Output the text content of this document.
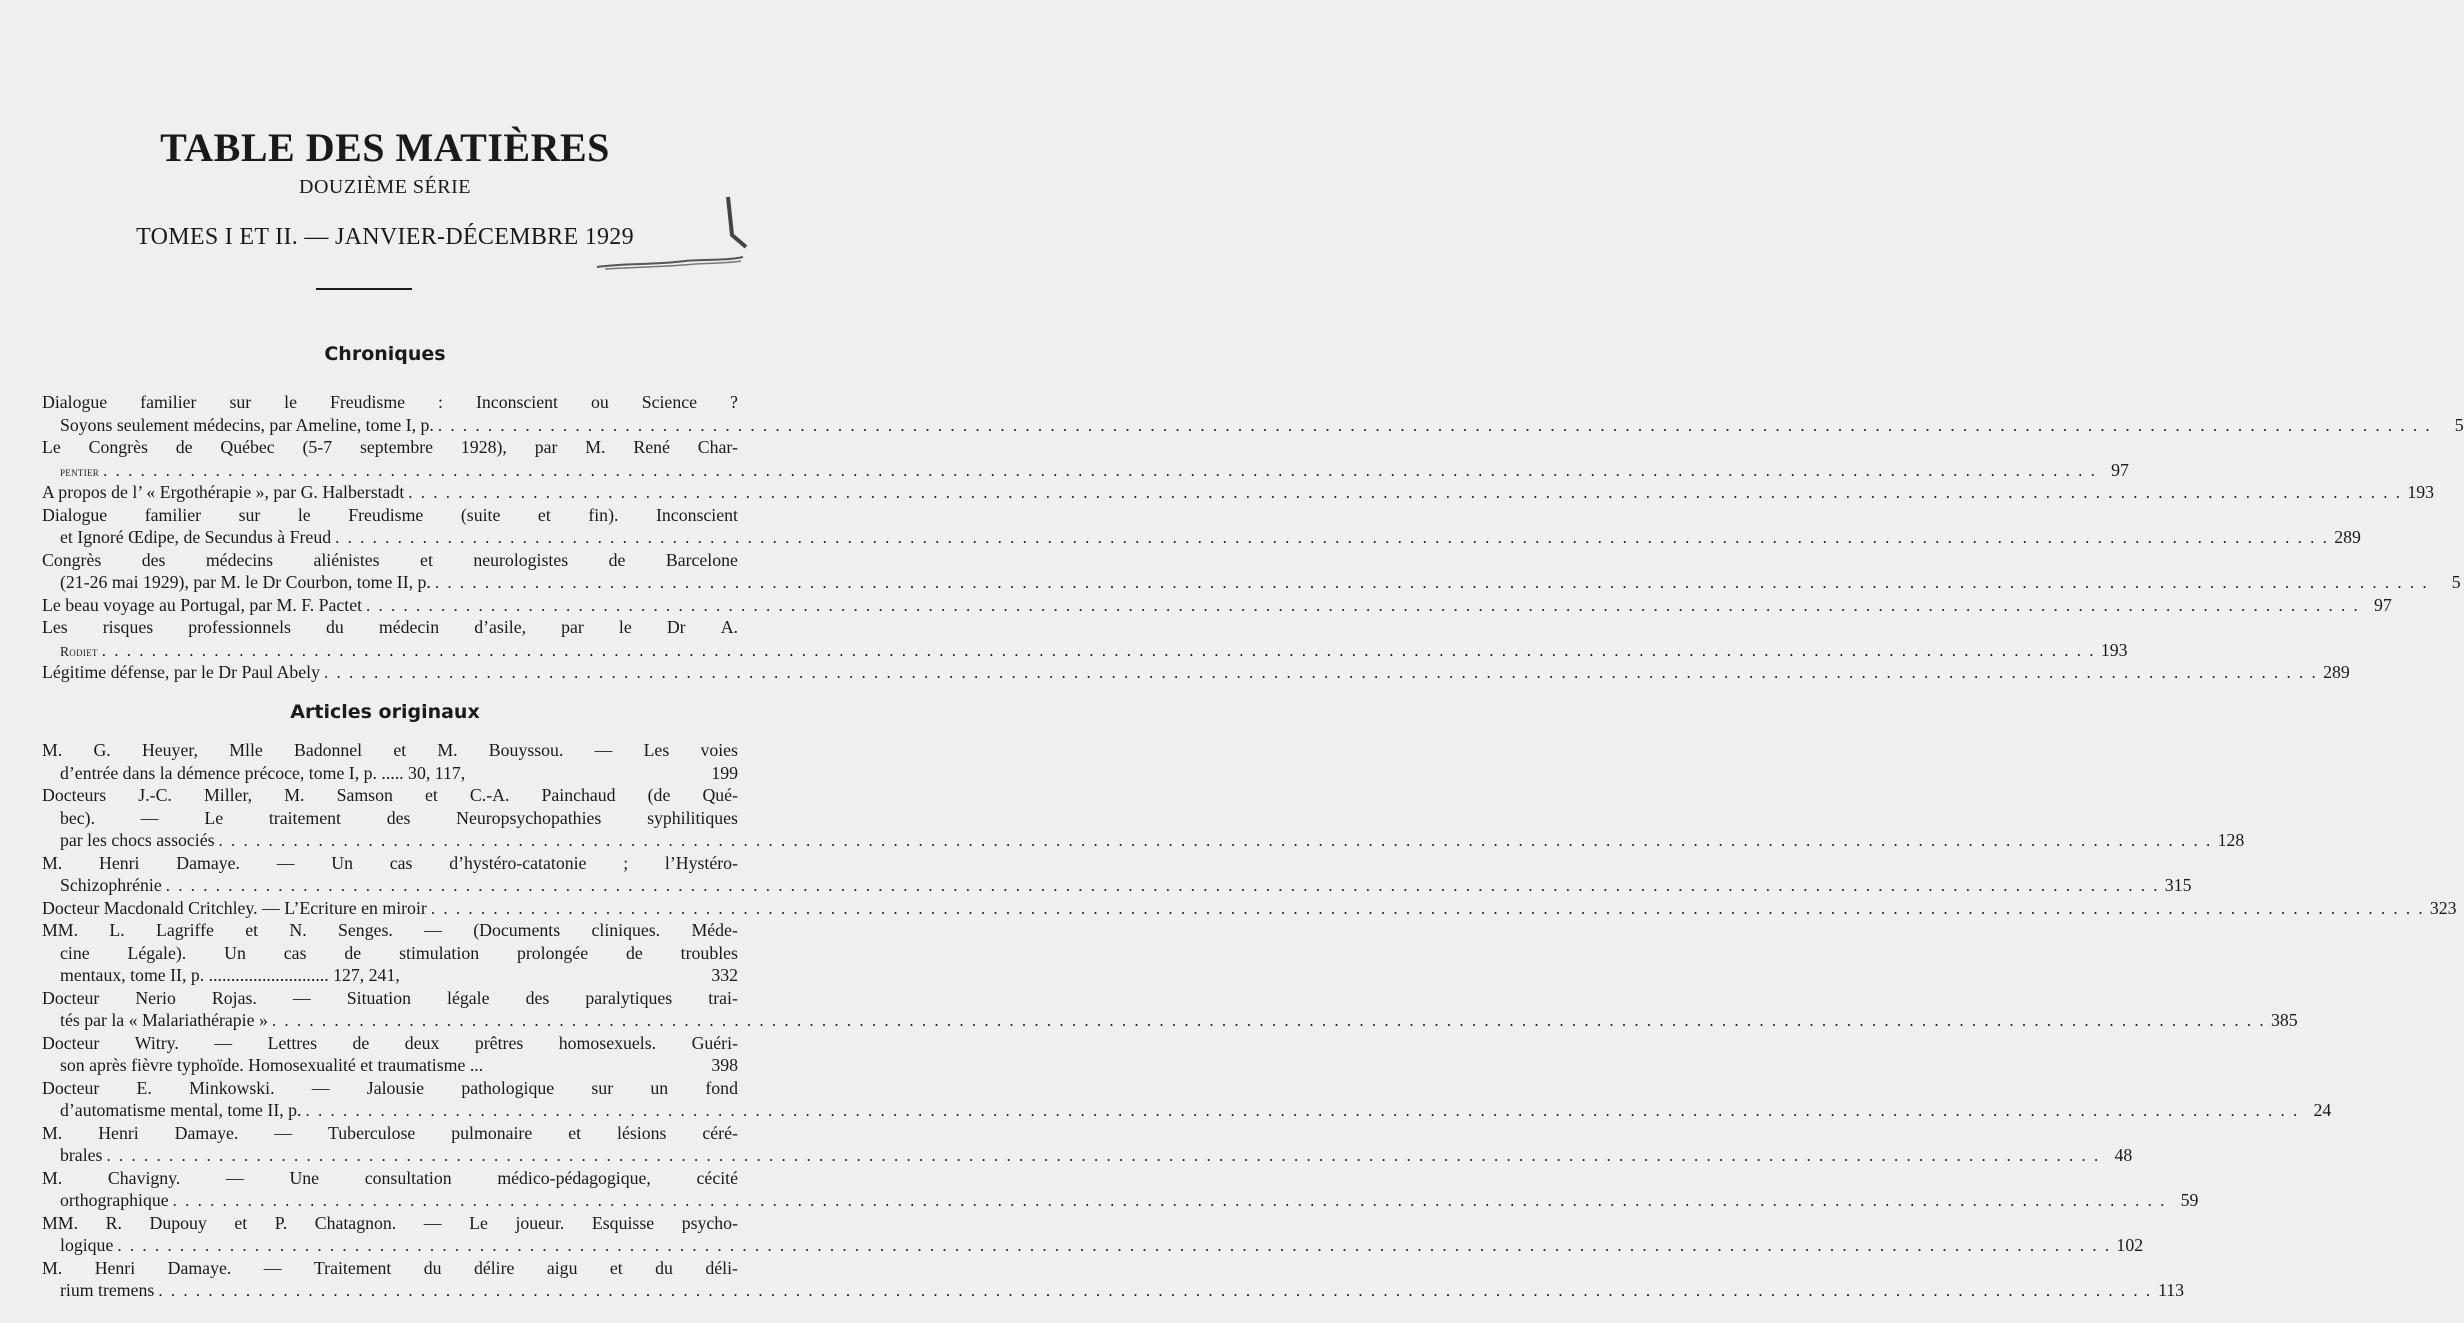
TABLE DES MATIÈRES
DOUZIÈME SÉRIE
TOMES I ET II. — JANVIER-DÉCEMBRE 1929
Chroniques
Dialogue familier sur le Freudisme : Inconscient ou Science ?
Soyons seulement médecins, par Ameline, tome I, p. . . . . . . . . . . . . . . . . . . . . . . . . . . . . . . . . . . . . . . . . . . . . . . . . . . . . . . . . . . . . . . . . . . . . . . . . . . . . . . . . . . . . . . . . . . . . . . . . . . . . . . . . . . . . . . . . . . . . . . . . . . . . . . . . . . . . . . . . . . . . . . . . . . . . . . . . . . . . . . . .	5
Le Congrès de Québec (5-7 septembre 1928), par M. René Char-
pentier . . . . . . . . . . . . . . . . . . . . . . . . . . . . . . . . . . . . . . . . . . . . . . . . . . . . . . . . . . . . . . . . . . . . . . . . . . . . . . . . . . . . . . . . . . . . . . . . . . . . . . . . . . . . . . . . . . . . . . . . . . . . . . . . . . . . . . . . . . . . . . . . . . . . . . . . . . . . . . . . 97
A propos de l’ « Ergothérapie », par G. Halberstadt . . . . . . . . . . . . . . . . . . . . . . . . . . . . . . . . . . . . . . . . . . . . . . . . . . . . . . . . . . . . . . . . . . . . . . . . . . . . . . . . . . . . . . . . . . . . . . . . . . . . . . . . . . . . . . . . . . . . . . . . . . . . . . . . . . . . . . . . . . . . . . . . . . . . . . . . . . . . . . . . 193
Dialogue familier sur le Freudisme (suite et fin). Inconscient
et Ignoré Œdipe, de Secundus à Freud . . . . . . . . . . . . . . . . . . . . . . . . . . . . . . . . . . . . . . . . . . . . . . . . . . . . . . . . . . . . . . . . . . . . . . . . . . . . . . . . . . . . . . . . . . . . . . . . . . . . . . . . . . . . . . . . . . . . . . . . . . . . . . . . . . . . . . . . . . . . . . . . . . . . . . . . . . . . . . . . 289
Congrès des médecins aliénistes et neurologistes de Barcelone
(21-26 mai 1929), par M. le Dr Courbon, tome II, p. . . . . . . . . . . . . . . . . . . . . . . . . . . . . . . . . . . . . . . . . . . . . . . . . . . . . . . . . . . . . . . . . . . . . . . . . . . . . . . . . . . . . . . . . . . . . . . . . . . . . . . . . . . . . . . . . . . . . . . . . . . . . . . . . . . . . . . . . . . . . . . . . . . . . . . . . . . . . . . . .	5
Le beau voyage au Portugal, par M. F. Pactet . . . . . . . . . . . . . . . . . . . . . . . . . . . . . . . . . . . . . . . . . . . . . . . . . . . . . . . . . . . . . . . . . . . . . . . . . . . . . . . . . . . . . . . . . . . . . . . . . . . . . . . . . . . . . . . . . . . . . . . . . . . . . . . . . . . . . . . . . . . . . . . . . . . . . . . . . . . . . . . . 97
Les risques professionnels du médecin d’asile, par le Dr A.
Rodiet . . . . . . . . . . . . . . . . . . . . . . . . . . . . . . . . . . . . . . . . . . . . . . . . . . . . . . . . . . . . . . . . . . . . . . . . . . . . . . . . . . . . . . . . . . . . . . . . . . . . . . . . . . . . . . . . . . . . . . . . . . . . . . . . . . . . . . . . . . . . . . . . . . . . . . . . . . . . . . . . 193
Légitime défense, par le Dr Paul Abely . . . . . . . . . . . . . . . . . . . . . . . . . . . . . . . . . . . . . . . . . . . . . . . . . . . . . . . . . . . . . . . . . . . . . . . . . . . . . . . . . . . . . . . . . . . . . . . . . . . . . . . . . . . . . . . . . . . . . . . . . . . . . . . . . . . . . . . . . . . . . . . . . . . . . . . . . . . . . . . . 289
Articles originaux
M. G. Heuyer, Mlle Badonnel et M. Bouyssou. — Les voies
d’entrée dans la démence précoce, tome I, p. ..... 30, 117,	199
Docteurs J.-C. Miller, M. Samson et C.-A. Painchaud (de Qué-
bec).	—	Le	traitement	des	Neuropsychopathies	syphilitiques
par les chocs associés . . . . . . . . . . . . . . . . . . . . . . . . . . . . . . . . . . . . . . . . . . . . . . . . . . . . . . . . . . . . . . . . . . . . . . . . . . . . . . . . . . . . . . . . . . . . . . . . . . . . . . . . . . . . . . . . . . . . . . . . . . . . . . . . . . . . . . . . . . . . . . . . . . . . . . . . . . . . . . . . 128
M. Henri Damaye. — Un cas d’hystéro-catatonie ; l’Hystéro-
Schizophrénie . . . . . . . . . . . . . . . . . . . . . . . . . . . . . . . . . . . . . . . . . . . . . . . . . . . . . . . . . . . . . . . . . . . . . . . . . . . . . . . . . . . . . . . . . . . . . . . . . . . . . . . . . . . . . . . . . . . . . . . . . . . . . . . . . . . . . . . . . . . . . . . . . . . . . . . . . . . . . . . . 315
Docteur Macdonald Critchley. — L’Ecriture en miroir . . . . . . . . . . . . . . . . . . . . . . . . . . . . . . . . . . . . . . . . . . . . . . . . . . . . . . . . . . . . . . . . . . . . . . . . . . . . . . . . . . . . . . . . . . . . . . . . . . . . . . . . . . . . . . . . . . . . . . . . . . . . . . . . . . . . . . . . . . . . . . . . . . . . . . . . . . . . . . . . 323
MM. L. Lagriffe et N. Senges. — (Documents cliniques. Méde-
cine Légale). Un cas de stimulation prolongée de troubles
mentaux, tome II, p. ........................... 127, 241,	332
Docteur Nerio Rojas. — Situation légale des paralytiques trai-
tés par la « Malariathérapie » . . . . . . . . . . . . . . . . . . . . . . . . . . . . . . . . . . . . . . . . . . . . . . . . . . . . . . . . . . . . . . . . . . . . . . . . . . . . . . . . . . . . . . . . . . . . . . . . . . . . . . . . . . . . . . . . . . . . . . . . . . . . . . . . . . . . . . . . . . . . . . . . . . . . . . . . . . . . . . . . 385
Docteur Witry. — Lettres de deux prêtres homosexuels. Guéri-
son après fièvre typhoïde. Homosexualité et traumatisme ...	398
Docteur E. Minkowski. — Jalousie pathologique sur un fond
d’automatisme mental, tome II, p. . . . . . . . . . . . . . . . . . . . . . . . . . . . . . . . . . . . . . . . . . . . . . . . . . . . . . . . . . . . . . . . . . . . . . . . . . . . . . . . . . . . . . . . . . . . . . . . . . . . . . . . . . . . . . . . . . . . . . . . . . . . . . . . . . . . . . . . . . . . . . . . . . . . . . . . . . . . . . . . . 24
M. Henri Damaye. — Tuberculose pulmonaire et lésions céré-
brales . . . . . . . . . . . . . . . . . . . . . . . . . . . . . . . . . . . . . . . . . . . . . . . . . . . . . . . . . . . . . . . . . . . . . . . . . . . . . . . . . . . . . . . . . . . . . . . . . . . . . . . . . . . . . . . . . . . . . . . . . . . . . . . . . . . . . . . . . . . . . . . . . . . . . . . . . . . . . . . . 48
M.	Chavigny.	—	Une	consultation	médico-pédagogique,	cécité
orthographique . . . . . . . . . . . . . . . . . . . . . . . . . . . . . . . . . . . . . . . . . . . . . . . . . . . . . . . . . . . . . . . . . . . . . . . . . . . . . . . . . . . . . . . . . . . . . . . . . . . . . . . . . . . . . . . . . . . . . . . . . . . . . . . . . . . . . . . . . . . . . . . . . . . . . . . . . . . . . . . . 59
MM. R. Dupouy et P. Chatagnon. — Le joueur. Esquisse psycho-
logique . . . . . . . . . . . . . . . . . . . . . . . . . . . . . . . . . . . . . . . . . . . . . . . . . . . . . . . . . . . . . . . . . . . . . . . . . . . . . . . . . . . . . . . . . . . . . . . . . . . . . . . . . . . . . . . . . . . . . . . . . . . . . . . . . . . . . . . . . . . . . . . . . . . . . . . . . . . . . . . . 102
M. Henri Damaye. — Traitement du délire aigu et du déli-
rium tremens . . . . . . . . . . . . . . . . . . . . . . . . . . . . . . . . . . . . . . . . . . . . . . . . . . . . . . . . . . . . . . . . . . . . . . . . . . . . . . . . . . . . . . . . . . . . . . . . . . . . . . . . . . . . . . . . . . . . . . . . . . . . . . . . . . . . . . . . . . . . . . . . . . . . . . . . . . . . . . . . 113
